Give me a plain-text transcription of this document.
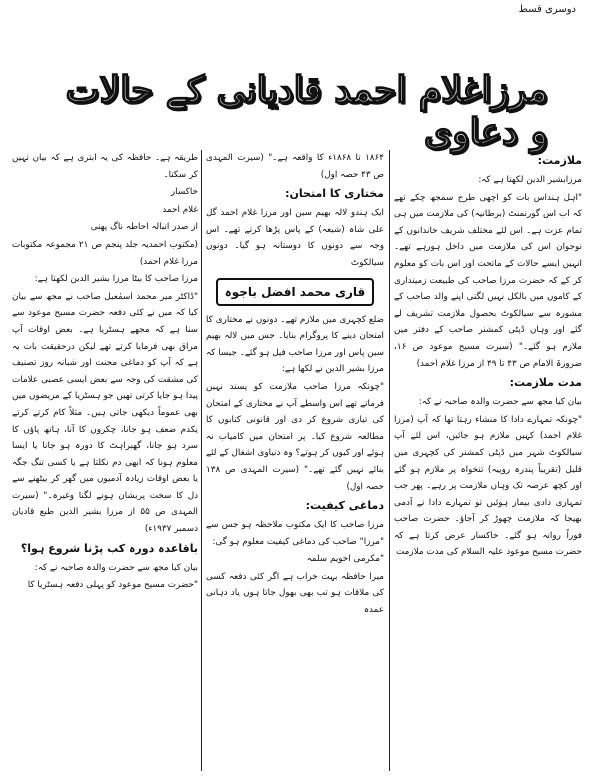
دوسری قسط
مرزاغلام احمد قادیانی کے حالات و دعاوی
ملازمت:

مرزابشیر الدین لکھتا ہے کہ:

"اہل ہنداس بات کو اچھی طرح سمجھ چکے تھے کہ اب اس گورنمنٹ (برطانیہ) کی ملازمت میں ہی تمام عزت ہے۔ اس لئے مختلف شریف خاندانوں کے نوجوان اس کی ملازمت میں داخل ہورہے تھے۔ انہیں ایسے حالات کے ماتحت اور اس بات کو معلوم کر کے کہ حضرت مرزا صاحب کی طبیعت زمینداری کے کاموں میں بالکل نہیں لگتی اپنے والد صاحب کے مشورہ سے سیالکوٹ بحصول ملازمت تشریف لے گئے اور وہاں ڈپٹی کمشنر صاحب کے دفتر میں ملازم ہو گئے۔" (سیرت مسیح موعود ص ۱۶، ضرورۃ الامام ص ۴۳ تا ۴۹ از مرزا غلام احمد)

مدت ملازمت:

بیان کیا مجھ سے حضرت والدہ صاحبہ نے کہ:

"چونکہ تمہارے دادا کا منشاء رہتا تھا کہ آپ (مرزا غلام احمد) کہیں ملازم ہو جائیں، اس لئے آپ سیالکوٹ شہر میں ڈپٹی کمشنر کی کچہری میں قلیل (تقریباً پندرہ روپیہ) تنخواہ پر ملازم ہو گئے اور کچھ عرصہ تک وہاں ملازمت پر رہے۔ پھر جب تمہاری دادی بیمار ہوئیں تو تمہارے دادا نے آدمی بھیجا کہ ملازمت چھوڑ کر آجاؤ۔ حضرت صاحب فوراً روانہ ہو گئے۔ خاکسار عرض کرتا ہے کہ حضرت مسیح موعود علیہ السلام کی مدت ملازمت

۱۸۶۴ تا ۱۸۶۸ء کا واقعہ ہے۔" (سیرت المہدی ص ۴۳ حصہ اول)

مختاری کا امتحان:

ایک ہندو لالہ بھیم سین اور مرزا غلام احمد گل علی شاہ (شیعہ) کے پاس پڑھا کرتے تھے۔ اس وجہ سے دونوں کا دوستانہ ہو گیا۔ دونوں سیالکوٹ

قاری محمد افضل باجوہ

ضلع کچہری میں ملازم تھے۔ دونوں نے مختاری کا امتحان دینے کا پروگرام بنایا۔ جس میں لالہ بھیم سین پاس اور مرزا صاحب فیل ہو گئے۔ جیسا کہ مرزا بشیر الدین نے لکھا ہے:

"چونکہ مرزا صاحب ملازمت کو پسند نہیں فرماتے تھے اس واسطے آپ نے مختاری کے امتحان کی تیاری شروع کر دی اور قانونی کتابوں کا مطالعہ شروع کیا۔ پر امتحان میں کامیاب نہ ہوئے اور کیوں کر ہوتے؟ وہ دنیاوی اشغال کے لئے بنائے نہیں گئے تھے۔" (سیرت المہدی ص ۱۳۸ حصہ اول)

دماغی کیفیت:

مرزا صاحب کا ایک مکتوب ملاحظہ ہو جس سے "مرزا" صاحب کی دماغی کیفیت معلوم ہو گی:

"مکرمی اخویم سلمہ

میرا حافظہ بہت خراب ہے اگر کئی دفعہ کسی کی ملاقات ہو تب بھی بھول جاتا ہوں یاد دہانی عمدہ

طریقہ ہے۔ حافظہ کی یہ ابتری ہے کہ بیان نہیں کر سکتا۔

خاکسار

غلام احمد

از صدر انبالہ احاطہ ناگ پھنی

(مکتوب احمدیہ جلد پنجم ص ۲۱ مجموعہ مکتوبات مرزا غلام احمد)

مرزا صاحب کا بیٹا مرزا بشیر الدین لکھتا ہے:

"ڈاکٹر میر محمد اسمٰعیل صاحب نے مجھ سے بیان کیا کہ میں نے کئی دفعہ حضرت مسیح موعود سے سنا ہے کہ مجھے ہسٹریا ہے۔ بعض اوقات آپ مراق بھی فرمایا کرتے تھے لیکن درحقیقت بات یہ ہے کہ آپ کو دماغی محنت اور شبانہ روز تصنیف کی مشقت کی وجہ سے بعض ایسی عصبی علامات پیدا ہو جایا کرتی تھیں جو ہسٹریا کے مریضوں میں بھی عموماً دیکھی جاتی ہیں۔ مثلاً کام کرتے کرتے یکدم ضعف ہو جانا، چکروں کا آنا، ہاتھ پاؤں کا سرد ہو جانا، گھبراہٹ کا دورہ ہو جانا یا ایسا معلوم ہونا کہ ابھی دم نکلتا ہے یا کسی تنگ جگہ یا بعض اوقات زیادہ آدمیوں میں گھر کر بیٹھنے سے دل کا سخت پریشان ہونے لگنا وغیرہ۔" (سیرت المہدی ص ۵۵ از مرزا بشیر الدین طبع قادیان دسمبر ۱۹۳۷ء)

باقاعدہ دورہ کب پڑنا شروع ہوا؟

بیان کیا مجھ سے حضرت والدہ صاحبہ نے کہ:

"حضرت مسیح موعود کو پہلی دفعہ ہسٹریا کا
